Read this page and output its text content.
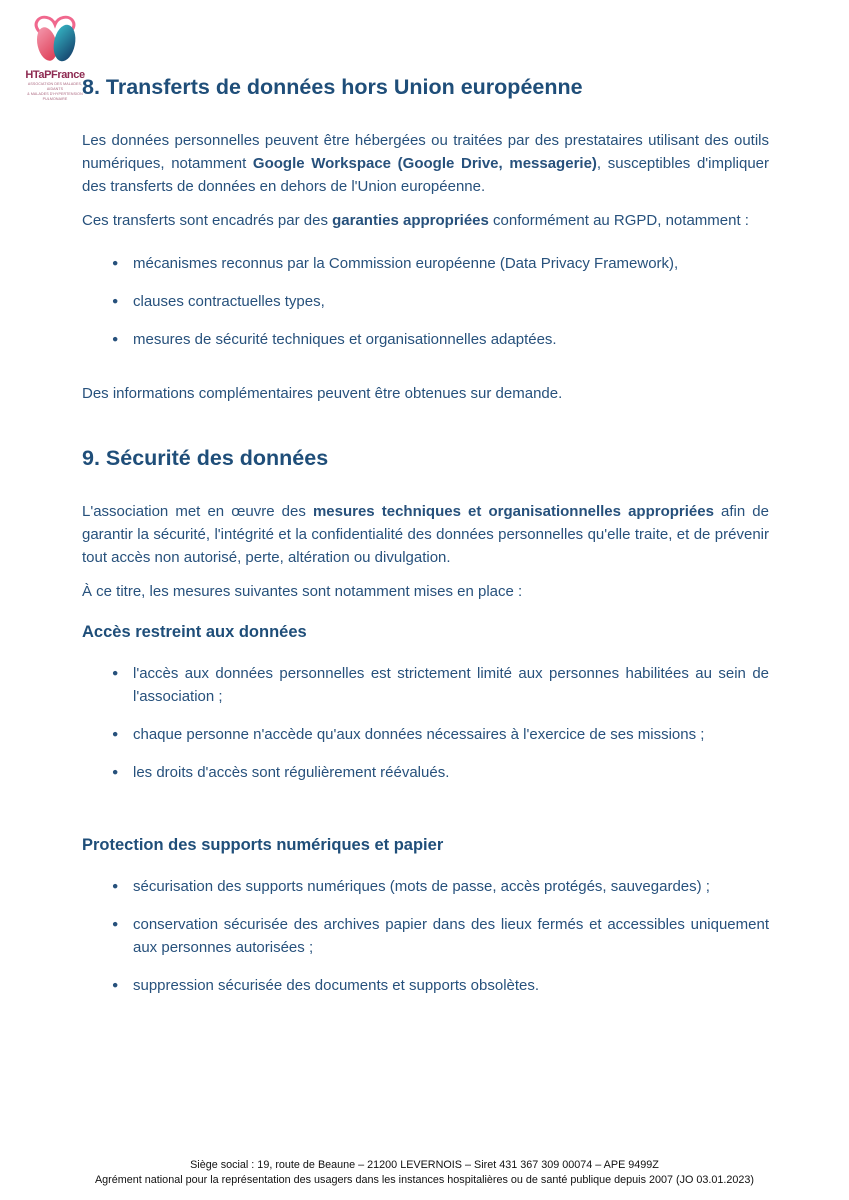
HTaPFrance
ASSOCIATION DES MALADES, AIDANTS
& MALADES D'HYPERTENSION PULMONAIRE 8. Transferts de données hors Union européenne

Les données personnelles peuvent être hébergées ou traitées par des prestataires utilisant des outils numériques, notamment Google Workspace (Google Drive, messagerie), susceptibles d'impliquer des transferts de données en dehors de l'Union européenne.

Ces transferts sont encadrés par des garanties appropriées conformément au RGPD, notamment :

● mécanismes reconnus par la Commission européenne (Data Privacy Framework),
● clauses contractuelles types,
● mesures de sécurité techniques et organisationnelles adaptées.

Des informations complémentaires peuvent être obtenues sur demande.

9. Sécurité des données

L'association met en œuvre des mesures techniques et organisationnelles appropriées afin de garantir la sécurité, l'intégrité et la confidentialité des données personnelles qu'elle traite, et de prévenir tout accès non autorisé, perte, altération ou divulgation.

À ce titre, les mesures suivantes sont notamment mises en place :

Accès restreint aux données
● l'accès aux données personnelles est strictement limité aux personnes habilitées au sein de l'association ;
● chaque personne n'accède qu'aux données nécessaires à l'exercice de ses missions ;
● les droits d'accès sont régulièrement réévalués.
Protection des supports numériques et papier
● sécurisation des supports numériques (mots de passe, accès protégés, sauvegardes) ;
● conservation sécurisée des archives papier dans des lieux fermés et accessibles uniquement aux personnes autorisées ;
● suppression sécurisée des documents et supports obsolètes.
Siège social : 19, route de Beaune – 21200 LEVERNOIS – Siret 431 367 309 00074 – APE 9499Z
Agrément national pour la représentation des usagers dans les instances hospitalières ou de santé publique depuis 2007 (JO 03.01.2023)
